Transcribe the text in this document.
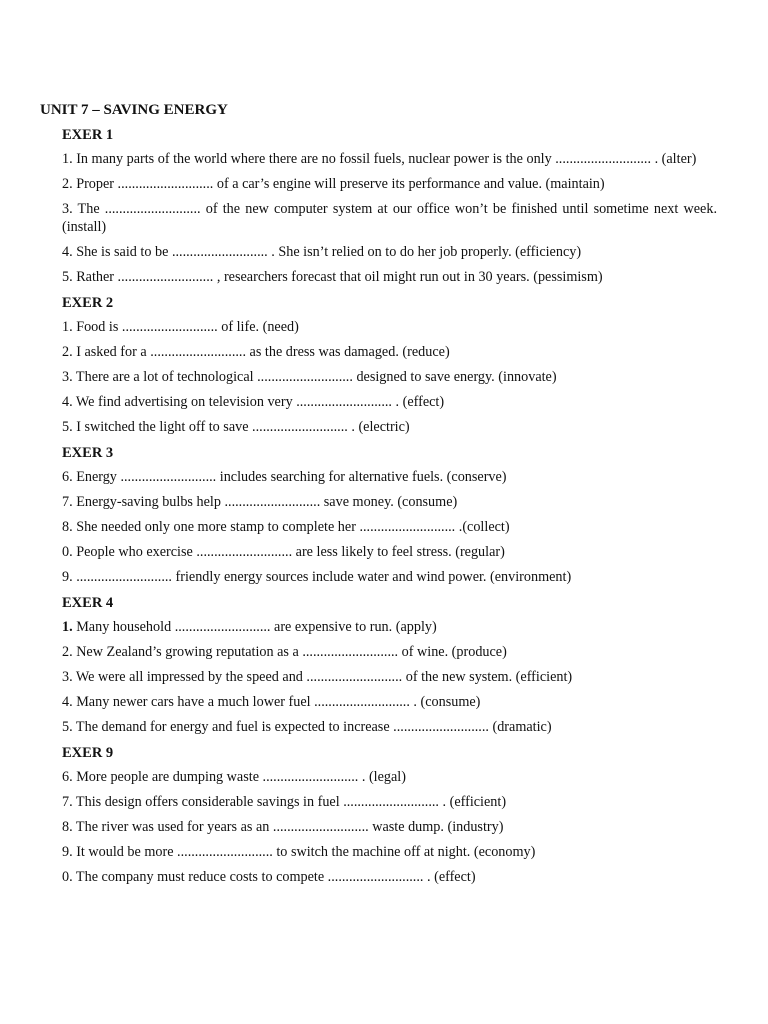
UNIT 7 – SAVING ENERGY
EXER 1
1. In many parts of the world where there are no fossil fuels, nuclear power is the only ........................... . (alter)
2. Proper ........................... of a car’s engine will preserve its performance and value. (maintain)
3. The ........................... of the new computer system at our office won’t be finished until sometime next week. (install)
4. She is said to be ........................... . She isn’t relied on to do her job properly. (efficiency)
5. Rather ........................... , researchers forecast that oil might run out in 30 years. (pessimism)
EXER 2
1. Food is ........................... of life. (need)
2. I asked for a ........................... as the dress was damaged. (reduce)
3. There are a lot of technological ........................... designed to save energy. (innovate)
4. We find advertising on television very ........................... . (effect)
5. I switched the light off to save ........................... . (electric)
EXER 3
6. Energy ........................... includes searching for alternative fuels. (conserve)
7. Energy-saving bulbs help ........................... save money. (consume)
8. She needed only one more stamp to complete her ........................... .(collect)
0. People who exercise ........................... are less likely to feel stress. (regular)
9. ........................... friendly energy sources include water and wind power. (environment)
EXER 4
1. Many household ........................... are expensive to run. (apply)
2. New Zealand’s growing reputation as a ........................... of wine. (produce)
3. We were all impressed by the speed and ........................... of the new system. (efficient)
4. Many newer cars have a much lower fuel ........................... . (consume)
5. The demand for energy and fuel is expected to increase ........................... (dramatic)
EXER 9
6. More people are dumping waste ........................... . (legal)
7. This design offers considerable savings in fuel ........................... . (efficient)
8. The river was used for years as an ........................... waste dump. (industry)
9. It would be more ........................... to switch the machine off at night. (economy)
0. The company must reduce costs to compete ........................... . (effect)
